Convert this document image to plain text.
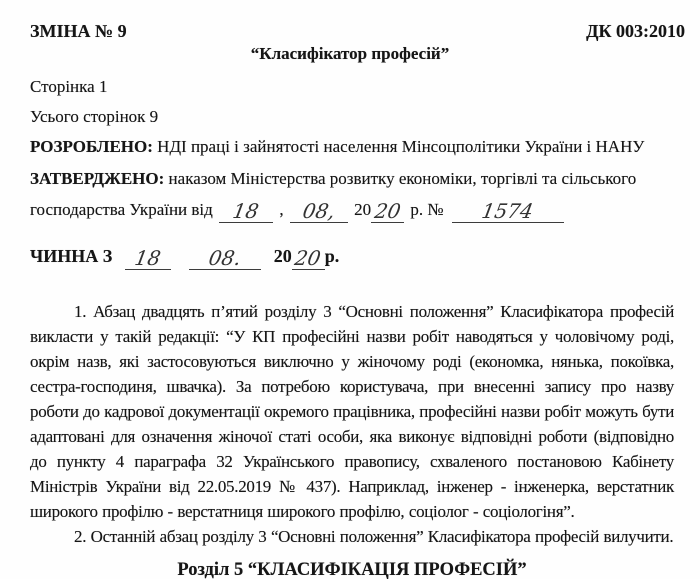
ЗМІНА № 9	ДК 003:2010
“Класифікатор професій”
Сторінка 1
Усього сторінок 9
РОЗРОБЛЕНО: НДІ праці і зайнятості населення Мінсоцполітики України і НАНУ
ЗАТВЕРДЖЕНО: наказом Міністерства розвитку економіки, торгівлі та сільського
господарства України від 18 , 08, 2020 р. № 1574
ЧИННА З 18 08. 2020р.

1. Абзац двадцять п’ятий розділу 3 “Основні положення” Класифікатора професій викласти у такій редакції: “У КП професійні назви робіт наводяться у чоловічому роді, окрім назв, які застосовуються виключно у жіночому роді (економка, нянька, покоївка, сестра-господиня, швачка). За потребою користувача, при внесенні запису про назву роботи до кадрової документації окремого працівника, професійні назви робіт можуть бути адаптовані для означення жіночої статі особи, яка виконує відповідні роботи (відповідно до пункту 4 параграфа 32 Українського правопису, схваленого постановою Кабінету Міністрів України від 22.05.2019 № 437). Наприклад, інженер - інженерка, верстатник широкого профілю - верстатниця широкого профілю, соціолог - соціологіня”.

2. Останній абзац розділу 3 “Основні положення” Класифікатора професій вилучити.

Розділ 5 “КЛАСИФІКАЦІЯ ПРОФЕСІЙ”
